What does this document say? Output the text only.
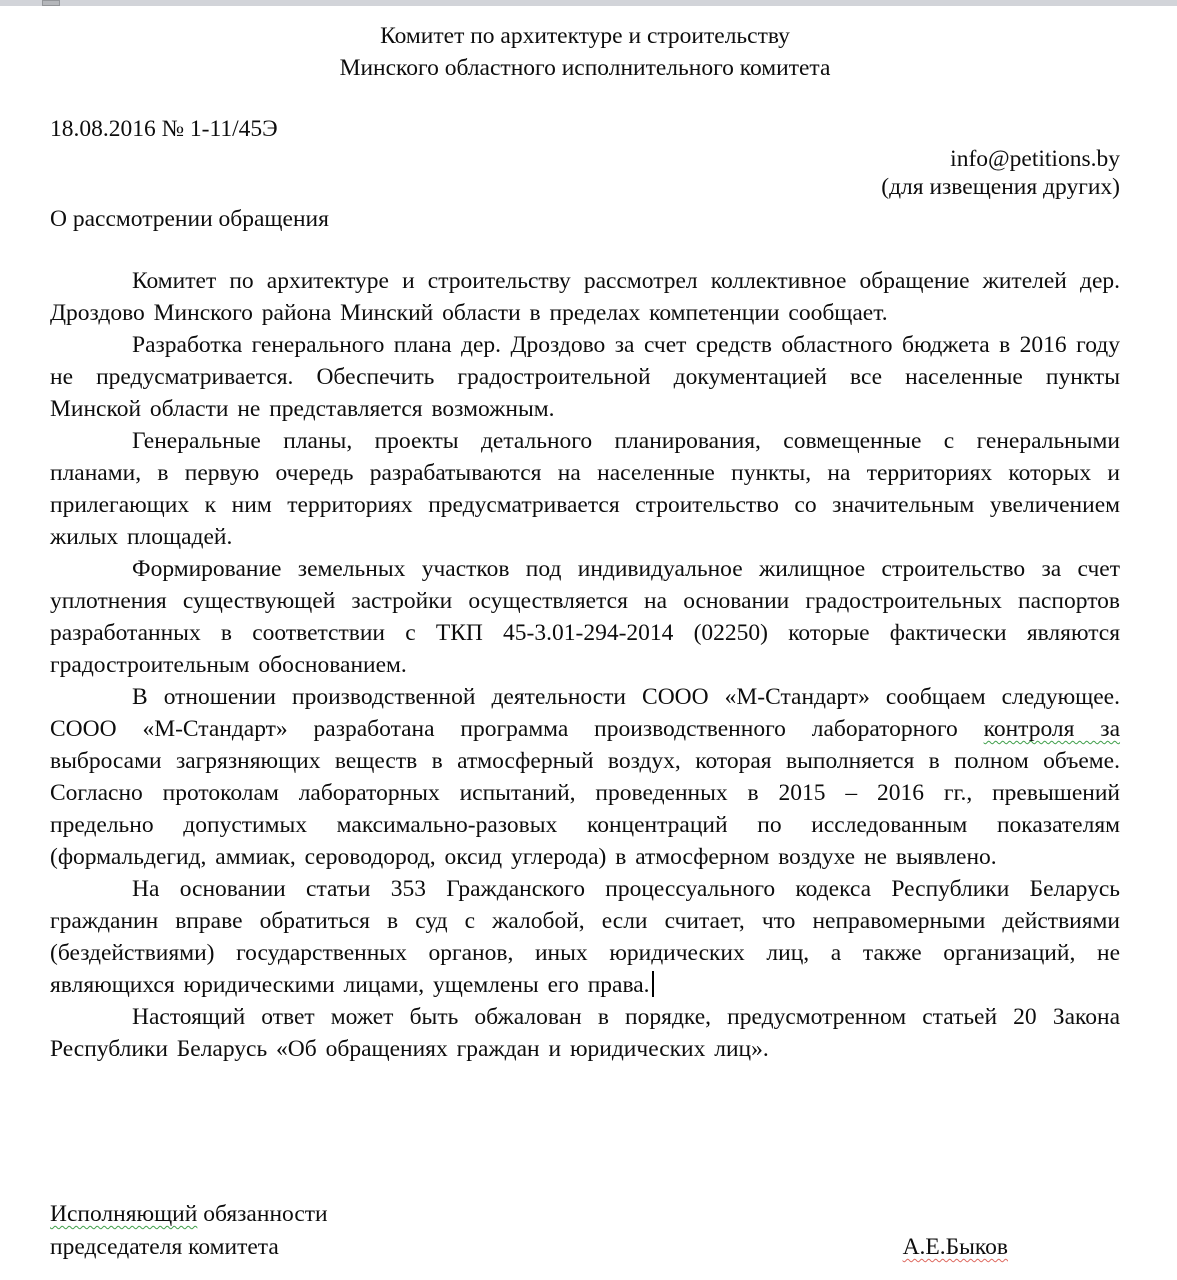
Комитет по архитектуре и строительству
Минского областного исполнительного комитета
18.08.2016 № 1-11/45Э
info@petitions.by
(для извещения других)
О рассмотрении обращения

Комитет по архитектуре и строительству рассмотрел коллективное обращение жителей дер. Дроздово Минского района Минский области в пределах компетенции сообщает.

Разработка генерального плана дер. Дроздово за счет средств областного бюджета в 2016 году не предусматривается. Обеспечить градостроительной документацией все населенные пункты Минской области не представляется возможным.

Генеральные планы, проекты детального планирования, совмещенные с генеральными планами, в первую очередь разрабатываются на населенные пункты, на территориях которых и прилегающих к ним территориях предусматривается строительство со значительным увеличением жилых площадей.

Формирование земельных участков под индивидуальное жилищное строительство за счет уплотнения существующей застройки осуществляется на основании градостроительных паспортов разработанных в соответствии с ТКП 45-3.01-294-2014 (02250) которые фактически являются градостроительным обоснованием.

В отношении производственной деятельности СООО «М-Стандарт» сообщаем следующее. СООО «М-Стандарт» разработана программа производственного лабораторного контроля за выбросами загрязняющих веществ в атмосферный воздух, которая выполняется в полном объеме. Согласно протоколам лабораторных испытаний, проведенных в 2015 – 2016 гг., превышений предельно допустимых максимально-разовых концентраций по исследованным показателям (формальдегид, аммиак, сероводород, оксид углерода) в атмосферном воздухе не выявлено.

На основании статьи 353 Гражданского процессуального кодекса Республики Беларусь гражданин вправе обратиться в суд с жалобой, если считает, что неправомерными действиями (бездействиями) государственных органов, иных юридических лиц, а также организаций, не являющихся юридическими лицами, ущемлены его права.

Настоящий ответ может быть обжалован в порядке, предусмотренном статьей 20 Закона Республики Беларусь «Об обращениях граждан и юридических лиц».

Исполняющий обязанности
председателя комитета	А.Е.Быков
